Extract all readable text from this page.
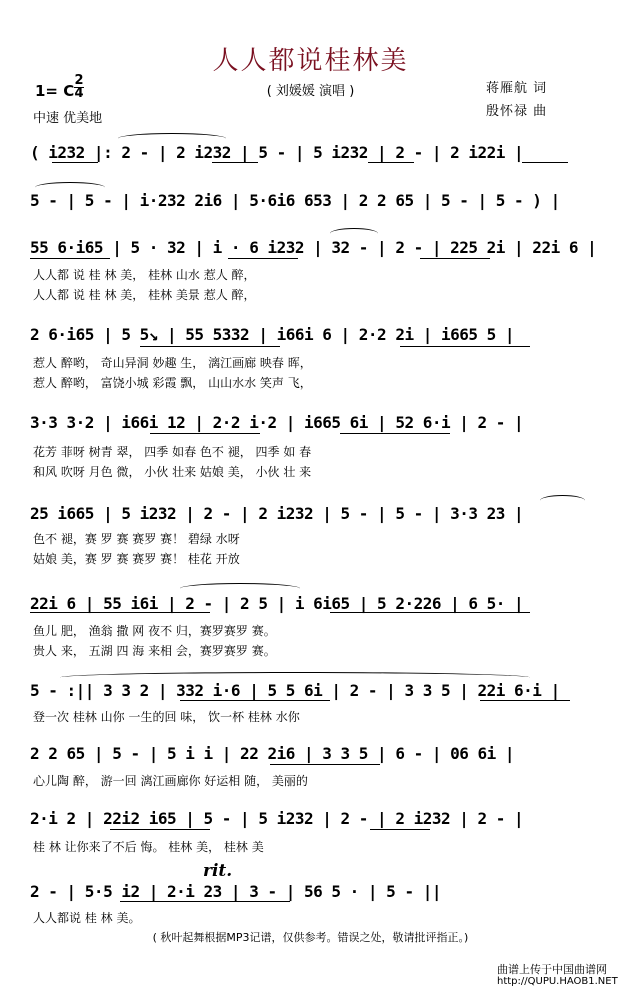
人人都说桂林美
( 刘媛媛 演唱 )
1= C
2
4
中速 优美地
蒋雁航 词
殷怀禄 曲
( i232 |: 2 - | 2 i232 | 5 - | 5 i232 | 2 - | 2 i22i |
5 - | 5 - | i·232 2i6 | 5·6i6 653 | 2 2 65 | 5 - | 5 - ) |
55 6·i65 | 5 · 32 | i · 6 i232 | 32 - | 2 - | 225 2i | 22i 6 |
人人都 说 桂 林 美， 桂林 山水 惹人 醉，
人人都 说 桂 林 美， 桂林 美景 惹人 醉，
2 6·i65 | 5 5↘ | 55 5332 | i66i 6 | 2·2 2i | i665 5 |
惹人 醉哟， 奇山异洞 妙趣 生， 漓江画廊 映春 晖，
惹人 醉哟， 富饶小城 彩霞 飘， 山山水水 笑声 飞，
3·3 3·2 | i66i 12 | 2·2 i·2 | i665 6i | 52 6·i | 2 - |
花芳 菲呀 树青 翠， 四季 如春 色不 褪， 四季 如 春
和风 吹呀 月色 微， 小伙 壮来 姑娘 美， 小伙 壮 来
25 i665 | 5 i232 | 2 - | 2 i232 | 5 - | 5 - | 3·3 23 |
色不 褪，赛 罗 赛 赛罗 赛！ 碧绿 水呀
姑娘 美，赛 罗 赛 赛罗 赛！ 桂花 开放
22i 6 | 55 i6i | 2 - | 2 5 | i 6i65 | 5 2·226 | 6 5· |
鱼儿 肥， 渔翁 撒 网 夜不 归，赛罗赛罗 赛。
贵人 来， 五湖 四 海 来相 会，赛罗赛罗 赛。
5 - :|| 3 3 2 | 332 i·6 | 5 5 6i | 2 - | 3 3 5 | 22i 6·i |
登一次 桂林 山你 一生的回 味， 饮一杯 桂林 水你
2 2 65 | 5 - | 5 i i | 22 2i6 | 3 3 5 | 6 - | 06 6i |
心儿陶 醉， 游一回 漓江画廊你 好运相 随， 美丽的
2·i 2 | 22i2 i65 | 5 - | 5 i232 | 2 - | 2 i232 | 2 - |
桂 林 让你来了不后 悔。 桂林 美， 桂林 美
rit.
2 - | 5·5 i2 | 2·i 23 | 3 - | 56 5 · | 5 - ||
人人都说 桂 林 美。
( 秋叶起舞根据MP3记谱，仅供参考。错误之处，敬请批评指正。)
曲谱上传于中国曲谱网
http://QUPU.HAOB1.NET
